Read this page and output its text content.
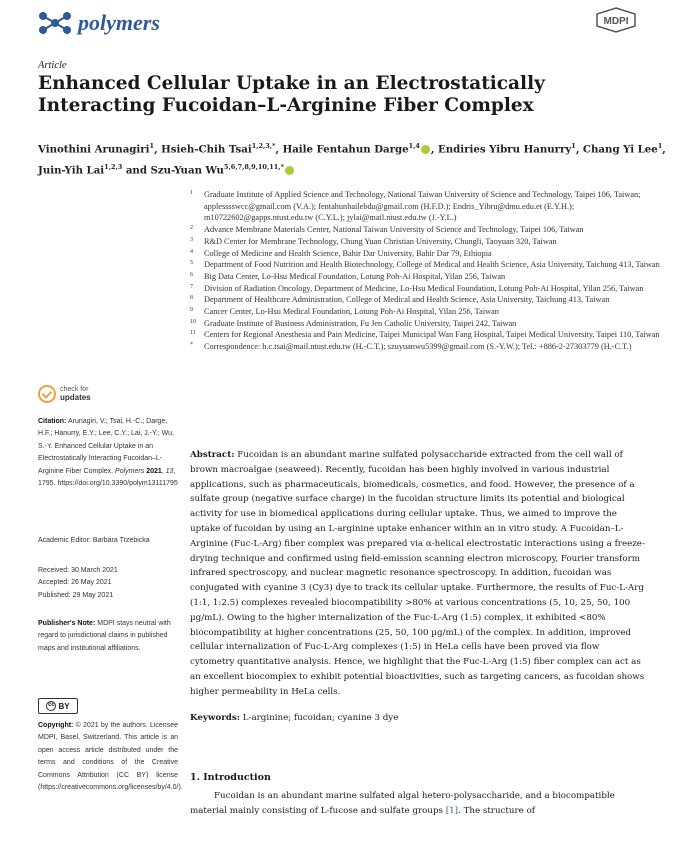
polymers	MDPI
Article
Enhanced Cellular Uptake in an Electrostatically Interacting Fucoidan–L-Arginine Fiber Complex
Vinothini Arunagiri$^1$, Hsieh-Chih Tsai$^{1,2,3,*}$, Haile Fentahun Darge$^{1,4}$ , Endiries Yibru Hanurry$^1$, Chang Yi Lee$^1$,
Juin-Yih Lai$^{1,2,3}$ and Szu-Yuan $Wu^{5,6,7,8,9,10,11,*}$
1	Graduate Institute of Applied Science and Technology, National Taiwan University of Science and Technology, Taipei 106, Taiwan; applesssswcc@gmail.com (V.A.); fentahunhailebdu@gmail.com (H.F.D.); Endris_Yibru@dmu.edu.et (E.Y.H.); m10722602@gapps.ntust.edu.tw (C.Y.L.); jylai@mail.ntust.edu.tw (J.-Y.L.)
2	Advance Membrane Materials Center, National Taiwan University of Science and Technology, Taipei 106, Taiwan
3	R&D Center for Membrane Technology, Chung Yuan Christian University, Chungli, Taoyuan 320, Taiwan
4	College of Medicine and Health Science, Bahir Dar University, Bahir Dar 79, Ethiopia
5	Department of Food Nutrition and Health Biotechnology, College of Medical and Health Science, Asia University, Taichung 413, Taiwan
6	Big Data Center, Lo-Hsu Medical Foundation, Lotung Poh-Ai Hospital, Yilan 256, Taiwan
7	Division of Radiation Oncology, Department of Medicine, Lo-Hsu Medical Foundation, Lotung Poh-Ai Hospital, Yilan 256, Taiwan
8	Department of Healthcare Administration, College of Medical and Health Science, Asia University, Taichung 413, Taiwan
9	Cancer Center, Lo-Hsu Medical Foundation, Lotung Poh-Ai Hospital, Yilan 256, Taiwan
10 Graduate Institute of Business Administration, Fu Jen Catholic University, Taipei 242, Taiwan
11 Centers for Regional Anesthesia and Pain Medicine, Taipei Municipal Wan Fang Hospital, Taipei Medical University, Taipei 110, Taiwan
*	Correspondence: h.c.tsai@mail.ntust.edu.tw (H.-C.T.); szuyuanwu5399@gmail.com (S.-Y.W.); Tel.: +886-2-27303779 (H.-C.T.)
check for
updates
Citation: Arunagiri, V.; Tsai, H.-C.; Darge, H.F.; Hanurry, E.Y.; Lee, C.Y.; Lai, J.-Y.; Wu, S.-Y. Enhanced Cellular Uptake in an Electrostatically Interacting Fucoidan–L-Arginine Fiber Complex. Polymers 2021, 13, 1795. https://doi.org/10.3390/polym13111795
Academic Editor: Barbara Trzebicka
Received: 30 March 2021
Accepted: 26 May 2021
Published: 29 May 2021
Publisher's Note: MDPI stays neutral with regard to jurisdictional claims in published maps and institutional affiliations.
cc BY
Copyright: © 2021 by the authors. Licensee MDPI, Basel, Switzerland. This article is an open access article distributed under the terms and conditions of the Creative Commons Attribution (CC BY) license (https://creativecommons.org/licenses/by/4.0/).

Abstract: Fucoidan is an abundant marine sulfated polysaccharide extracted from the cell wall of brown macroalgae (seaweed). Recently, fucoidan has been highly involved in various industrial applications, such as pharmaceuticals, biomedicals, cosmetics, and food. However, the presence of a sulfate group (negative surface charge) in the fucoidan structure limits its potential and biological activity for use in biomedical applications during cellular uptake. Thus, we aimed to improve the uptake of fucoidan by using an L-arginine uptake enhancer within an in vitro study. A Fucoidan–L-Arginine (Fuc-L-Arg) fiber complex was prepared via α-helical electrostatic interactions using a freeze-drying technique and confirmed using field-emission scanning electron microscopy, Fourier transform infrared spectroscopy, and nuclear magnetic resonance spectroscopy. In addition, fucoidan was conjugated with cyanine 3 (Cy3) dye to track its cellular uptake. Furthermore, the results of Fuc-L-Arg (1:1, 1:2.5) complexes revealed biocompatibility >80% at various concentrations (5, 10, 25, 50, 100 µg/mL). Owing to the higher internalization of the Fuc-L-Arg (1:5) complex, it exhibited <80% biocompatibility at higher concentrations (25, 50, 100 µg/mL) of the complex. In addition, improved cellular internalization of Fuc-L-Arg complexes (1:5) in HeLa cells have been proved via flow cytometry quantitative analysis. Hence, we highlight that the Fuc-L-Arg (1:5) fiber complex can act as an excellent biocomplex to exhibit potential bioactivities, such as targeting cancers, as fucoidan shows higher permeability in HeLa cells.

Keywords: L-arginine; fucoidan; cyanine 3 dye
1. Introduction

Fucoidan is an abundant marine sulfated algal hetero-polysaccharide, and a biocompatible material mainly consisting of L-fucose and sulfate groups [1]. The structure of
